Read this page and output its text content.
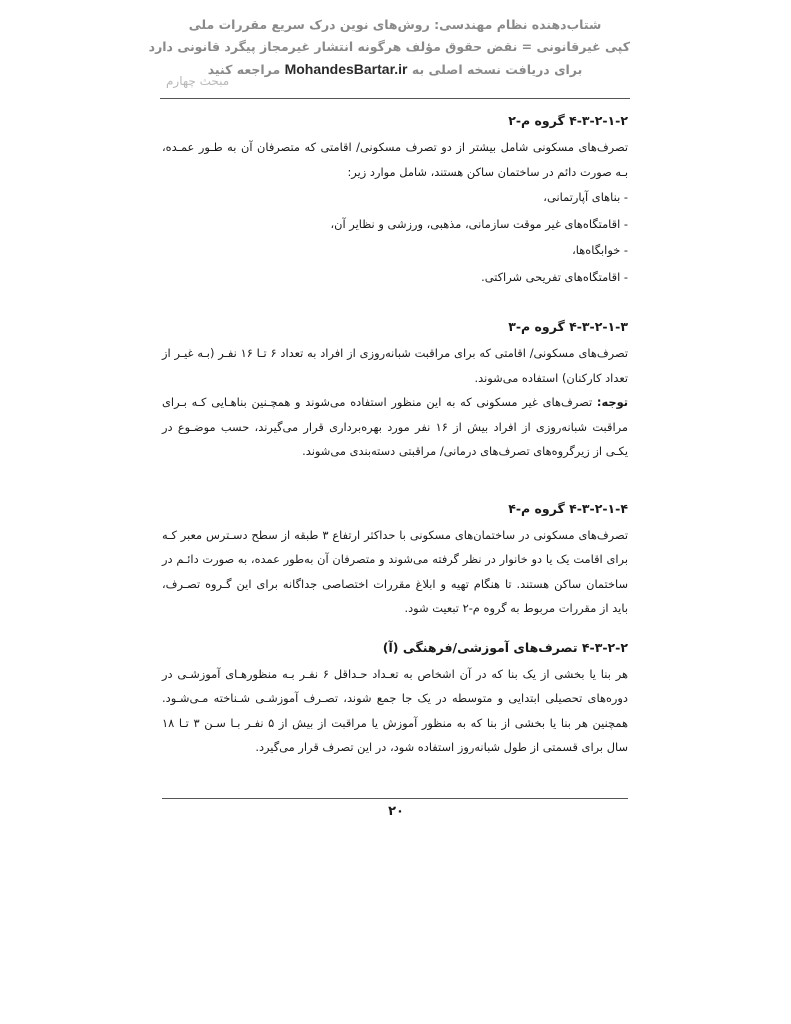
مبحث چهارم
شتاب‌دهنده نظام مهندسی: روش‌های نوین درک سریع مقررات ملی
کپی غیرقانونی = نقض حقوق مؤلف هرگونه انتشار غیرمجاز پیگرد قانونی دارد
برای دریافت نسخه اصلی به MohandesBartar.ir مراجعه کنید
۴-۳-۲-۱-۲ گروه م-۲

تصرف‌های مسکونی شامل بیشتر از دو تصرف مسکونی/ اقامتی که متصرفان آن به طـور عمـده، بـه صورت دائم در ساختمان ساکن هستند، شامل موارد زیر:

- بناهای آپارتمانی،
- اقامتگاه‌های غیر موقت سازمانی، مذهبی، ورزشی و نظایر آن،
- خوابگاه‌ها،
- اقامتگاه‌های تفریحی شراکتی.
۴-۳-۲-۱-۳ گروه م-۳

تصرف‌های مسکونی/ اقامتی که برای مراقبت شبانه‌روزی از افراد به تعداد ۶ تـا ۱۶ نفـر (بـه غیـر از تعداد کارکنان) استفاده می‌شوند.

توجه: تصرف‌های غیر مسکونی که به این منظور استفاده می‌شوند و همچـنین بناهـایی کـه بـرای مراقبت شبانه‌روزی از افراد بیش از ۱۶ نفر مورد بهره‌برداری قرار می‌گیرند، حسب موضـوع در یکـی از زیرگروه‌های تصرف‌های درمانی/ مراقبتی دسته‌بندی می‌شوند.

۴-۳-۲-۱-۴ گروه م-۴

تصرف‌های مسکونی در ساختمان‌های مسکونی با حداکثر ارتفاع ۳ طبقه از سطح دسـترس معبر کـه برای اقامت یک یا دو خانوار در نظر گرفته می‌شوند و متصرفان آن به‌طور عمده، به صورت دائـم در ساختمان ساکن هستند. تا هنگام تهیه و ابلاغ مقررات اختصاصی جداگانه برای این گـروه تصـرف، باید از مقررات مربوط به گروه م-۲ تبعیت شود.

۴-۳-۲-۲ تصرف‌های آموزشی/فرهنگی (آ)

هر بنا یا بخشی از یک بنا که در آن اشخاص به تعـداد حـداقل ۶ نفـر بـه منظورهـای آموزشـی در دوره‌های تحصیلی ابتدایی و متوسطه در یک جا جمع شوند، تصـرف آموزشـی شـناخته مـی‌شـود. همچنین هر بنا یا بخشی از بنا که به منظور آموزش یا مراقبت از بیش از ۵ نفـر بـا سـن ۳ تـا ۱۸ سال برای قسمتی از طول شبانه‌روز استفاده شود، در این تصرف قرار می‌گیرد.

۲۰
